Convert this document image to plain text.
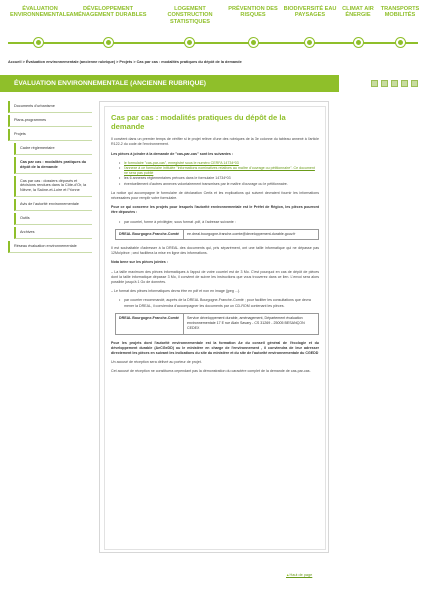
ÉVALUATION ENVIRONNEMENTALE
DÉVELOPPEMENT AMÉNAGEMENT DURABLES
LOGEMENT CONSTRUCTION STATISTIQUES
PRÉVENTION DES RISQUES
BIODIVERSITÉ EAU PAYSAGES
CLIMAT AIR ÉNERGIE
TRANSPORTS MOBILITÉS
Accueil > Évaluation environnementale (ancienne rubrique) > Projets > Cas par cas : modalités pratiques du dépôt de la demande
ÉVALUATION ENVIRONNEMENTALE (ANCIENNE RUBRIQUE)
Documents d'urbanisme
Plans-programmes
Projets
Cadre réglementaire
Cas par cas : modalités pratiques du dépôt de la demande
Cas par cas : dossiers déposés et décisions rendues dans la Côte-d'Or, la Nièvre, la Saône-et-Loire et l'Yonne
Avis de l'autorité environnementale
Outils
Archives
Réseau évaluation environnementale
Cas par cas : modalités pratiques du dépôt de la demande

Il convient dans un premier temps de vérifier si le projet relève d'une des rubriques de la 3e colonne du tableau annexé à l'article R122-2 du code de l'environnement.

Les pièces à joindre à la demande de "cas-par-cas" sont les suivantes :

• le formulaire "cas-par-cas", enregistré sous le numéro CERFA 14734*03
• l'annexe à ce formulaire intitulée "informations nominatives relatives au maître d'ouvrage ou pétitionnaire". Ce document ne sera pas publié
• les 6 annexes réglementaires prévues dans le formulaire 14734*03
• éventuellement d'autres annexes volontairement transmises par le maître d'ouvrage ou le pétitionnaire.

La notice qui accompagne le formulaire de déclaration Cerfa et les explications qui suivent devraient fournir les informations nécessaires pour remplir votre formulaire.

Pour ce qui concerne les projets pour lesquels l'autorité environnementale est le Préfet de Région, les pièces pourront être déposées :

• par courriel, forme à privilégier, sous format .pdf, à l'adresse suivante :
DREAL Bourgogne-Franche-Comté	ee.dreal.bourgogne-franche-comte@developpement-durable.gouv.fr

Il est souhaitable d'adresser à la DREAL des documents qui, pris séparément, ont une taille informatique qui ne dépasse pas 12Mo/pièce ; ceci facilitera la mise en ligne des informations.

Nota bene sur les pièces jointes :

– La taille maximum des pièces informatiques à l'appui de votre courriel est de 3 Mo. C'est pourquoi en cas de dépôt de pièces dont la taille informatique dépasse 3 Mo, il convient de suivre les instructions que vous trouverez dans ce lien. L'envoi sera alors possible jusqu'à 1 Go de données.

– Le format des pièces informatiques devra être en pdf et non en image (jpeg ...).

• par courrier recommandé, auprès de la DREAL Bourgogne-Franche-Comté ; pour faciliter les consultations que devra mener la DREAL, il conviendra d'accompagner les documents par un CD-ROM contenant les pièces.
DREAL Bourgogne-Franche-Comté	Service développement durable, aménagement, Département évaluation environnementale 17 E rue Alain Savary - CS 31269 - 25005 BESANÇON CEDEX

Pour les projets dont l'autorité environnementale est la formation Ae du conseil général de l'écologie et du développement durable (AeCGeDD) ou le ministère en charge de l'environnement , il conviendra de leur adresser directement les pièces en suivant les indications du site du ministère et du site de l'autorité environnementale du CGEDD

Un accusé de réception sera délivré au porteur de projet.

Cet accusé de réception ne constituera cependant pas la démonstration du caractère complet de la demande de cas-par-cas.

▲ Haut de page
